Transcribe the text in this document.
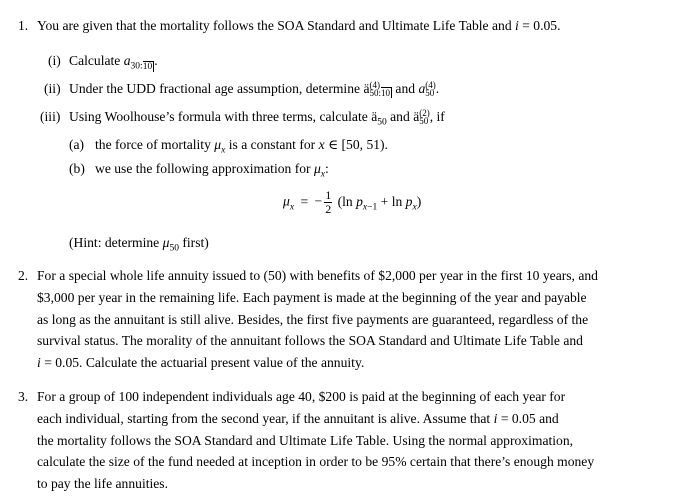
1. You are given that the mortality follows the SOA Standard and Ultimate Life Table and i = 0.05.
(i) Calculate $a_{30:10}$ .
(ii) Under the UDD fractional age assumption, determine ä (4)
50:10 and a (4)
50 .
(iii) Using Woolhouse’s formula with three terms, calculate $ä_{50}$ and ä (2)
50 , if
(a) the force of mortality $\mu_x$ is a constant for x ∈ [50, 51).
(b) we use the following approximation for $\mu_x$:
$\mu_x$ = − $\frac{1}{2} (\ln$ $p_{x-1} + \ln p_x$)
(Hint: determine $\mu_{50}$ first)
2. For a special whole life annuity issued to (50) with benefits of $2,000 per year in the first 10 years, and
$3,000 per year in the remaining life. Each payment is made at the beginning of the year and payable
as long as the annuitant is still alive. Besides, the first five payments are guaranteed, regardless of the
survival status. The morality of the annuitant follows the SOA Standard and Ultimate Life Table and
i = 0.05. Calculate the actuarial present value of the annuity.
3. For a group of 100 independent individuals age 40, $200 is paid at the beginning of each year for
each individual, starting from the second year, if the annuitant is alive. Assume that i = 0.05 and
the mortality follows the SOA Standard and Ultimate Life Table. Using the normal approximation,
calculate the size of the fund needed at inception in order to be 95% certain that there’s enough money
to pay the life annuities.
